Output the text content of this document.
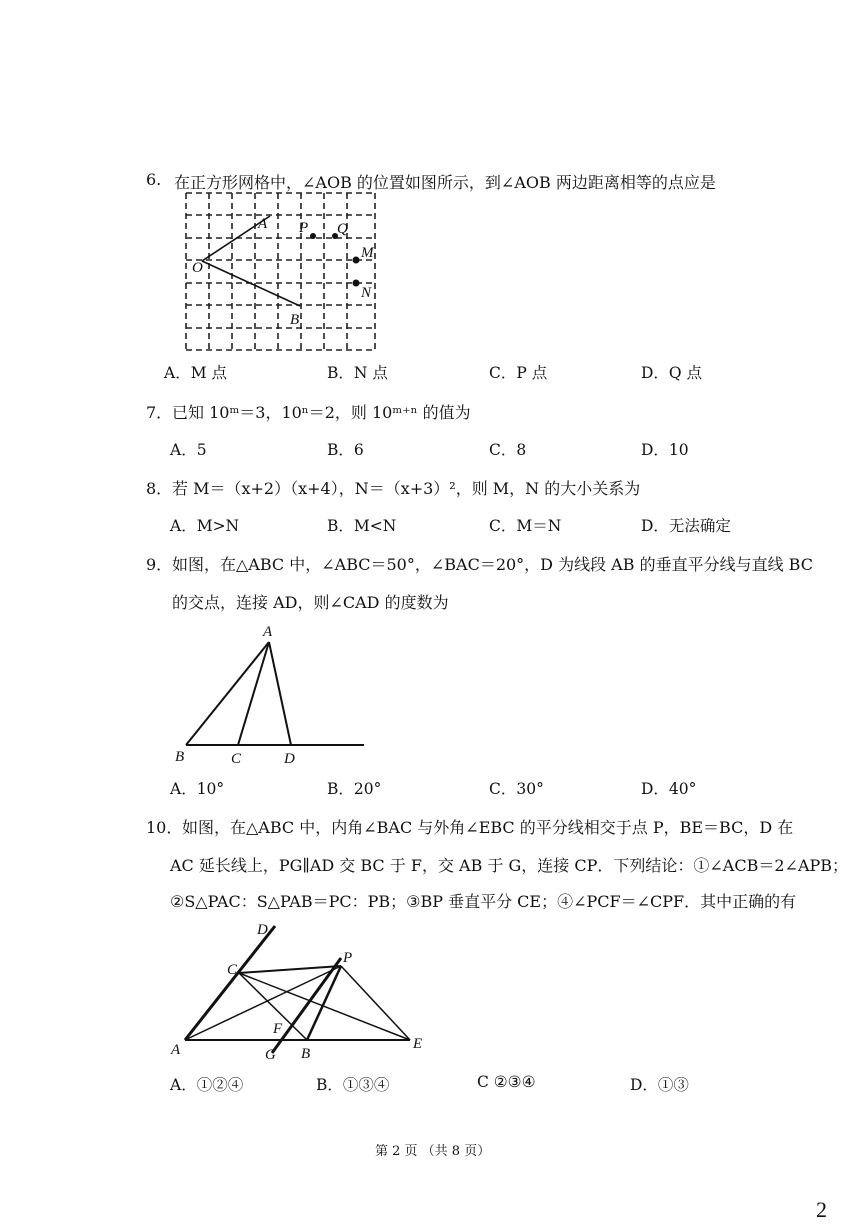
6. 在正方形网格中，∠AOB 的位置如图所示，到∠AOB 两边距离相等的点应是
O
A
B
P Q
M
N
A．M 点	B．N 点	C．P 点	D．Q 点
7． 已知 10ᵐ＝3，10ⁿ＝2，则 10ᵐ⁺ⁿ 的值为
A．5	B．6	C．8	D．10
8． 若 M＝（x+2）（x+4），N＝（x+3）²，则 M，N 的大小关系为
A．M>N	B．M<N	C．M＝N	D．无法确定
9． 如图，在△ABC 中，∠ABC＝50°，∠BAC＝20°，D 为线段 AB 的垂直平分线与直线 BC
的交点，连接 AD，则∠CAD 的度数为
A
B	C	D
A．10°	B．20°	C．30°	D．40°
10． 如图，在△ABC 中，内角∠BAC 与外角∠EBC 的平分线相交于点 P，BE＝BC，D 在
AC 延长线上，PG∥AD 交 BC 于 F，交 AB 于 G，连接 CP．下列结论：①∠ACB＝2∠APB；
②S△PAC：S△PAB＝PC：PB；③BP 垂直平分 CE；④∠PCF＝∠CPF．其中正确的有
D
C
P
F
A	G B
E
A．①②④	B．①③④	C ②③④	D．①③
第 2 页 （共 8 页）
2
